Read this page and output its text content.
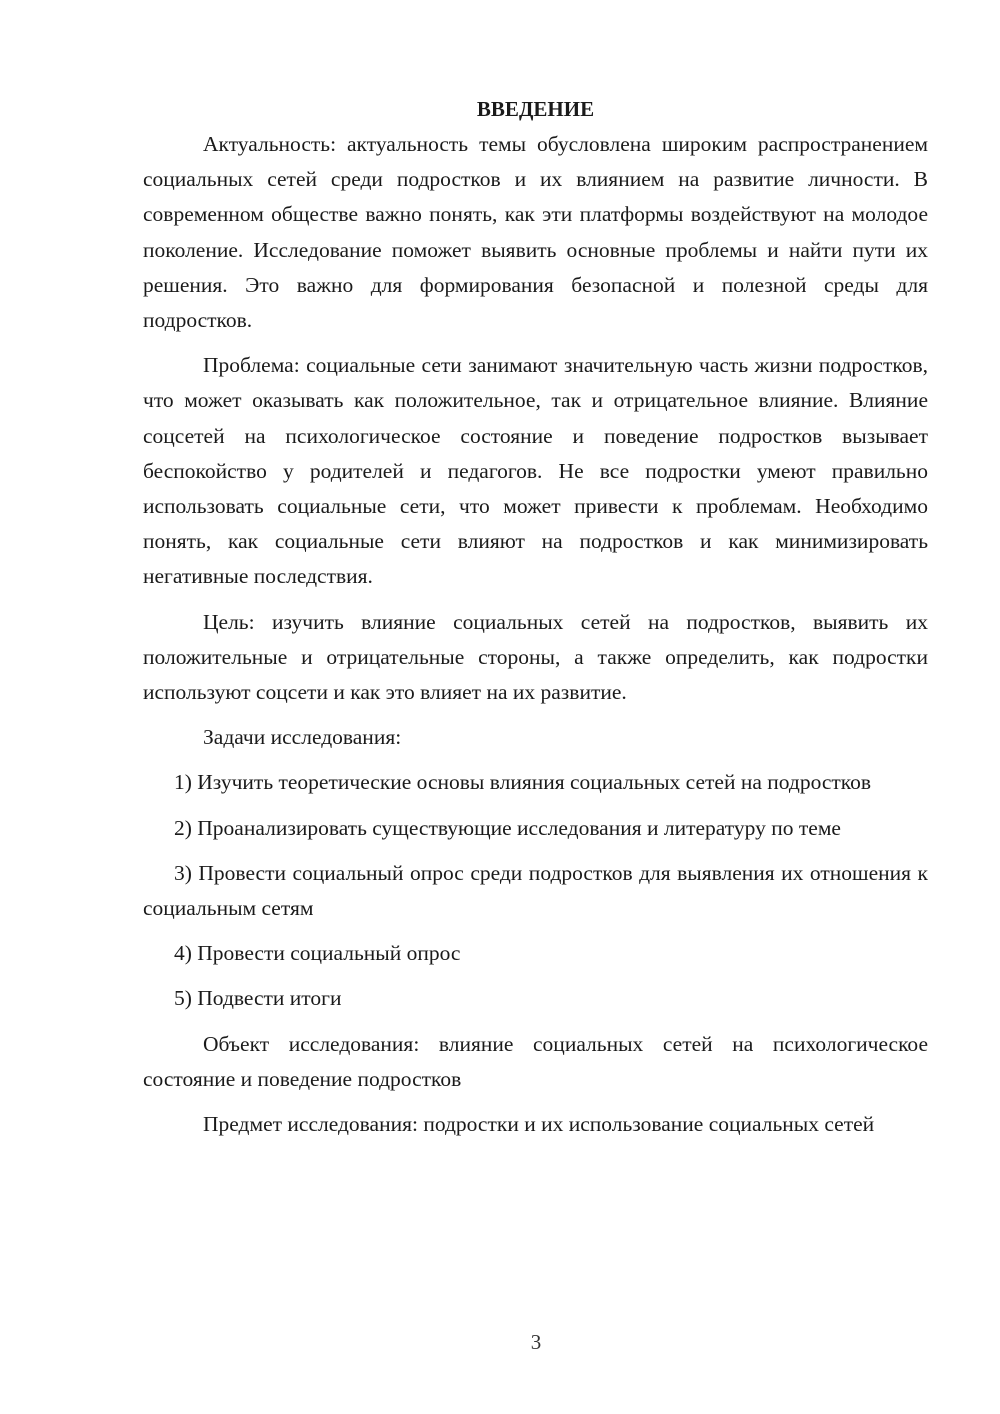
ВВЕДЕНИЕ

Актуальность: актуальность темы обусловлена широким распространением социальных сетей среди подростков и их влиянием на развитие личности. В современном обществе важно понять, как эти платформы воздействуют на молодое поколение. Исследование поможет выявить основные проблемы и найти пути их решения. Это важно для формирования безопасной и полезной среды для подростков.

Проблема: социальные сети занимают значительную часть жизни подростков, что может оказывать как положительное, так и отрицательное влияние. Влияние соцсетей на психологическое состояние и поведение подростков вызывает беспокойство у родителей и педагогов. Не все подростки умеют правильно использовать социальные сети, что может привести к проблемам. Необходимо понять, как социальные сети влияют на подростков и как минимизировать негативные последствия.

Цель: изучить влияние социальных сетей на подростков, выявить их положительные и отрицательные стороны, а также определить, как подростки используют соцсети и как это влияет на их развитие.

Задачи исследования:

1) Изучить теоретические основы влияния социальных сетей на подростков

2) Проанализировать существующие исследования и литературу по теме

3) Провести социальный опрос среди подростков для выявления их отношения к социальным сетям

4) Провести социальный опрос

5) Подвести итоги

Объект исследования: влияние социальных сетей на психологическое состояние и поведение подростков

Предмет исследования: подростки и их использование социальных сетей

3
